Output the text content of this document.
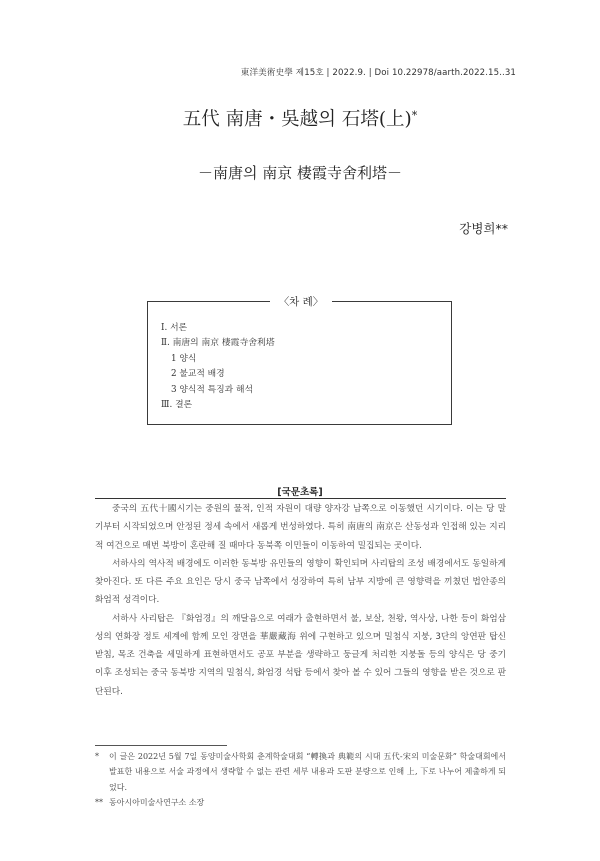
東洋美術史學 제15호 | 2022.9. | Doi 10.22978/aarth.2022.15..31
五代 南唐・吳越의 石塔(上)*
－南唐의 南京 棲霞寺舍利塔－
강병희**
〈차 례〉
Ⅰ. 서론
Ⅱ. 南唐의 南京 棲霞寺舍利塔
1 양식
2 불교적 배경
3 양식적 특징과 해석
Ⅲ. 결론
[국문초록]

중국의 五代十國시기는 중원의 물적, 인적 자원이 대량 양자강 남쪽으로 이동했던 시기이다. 이는 당 말기부터 시작되었으며 안정된 정세 속에서 새롭게 번성하였다. 특히 南唐의 南京은 산동성과 인접해 있는 지리적 여건으로 매번 북방이 혼란해 질 때마다 동북쪽 이민들이 이동하여 밀집되는 곳이다.

서하사의 역사적 배경에도 이러한 동북방 유민들의 영향이 확인되며 사리탑의 조성 배경에서도 동일하게 찾아진다. 또 다른 주요 요인은 당시 중국 남쪽에서 성장하여 특히 남부 지방에 큰 영향력을 끼쳤던 법안종의 화엄적 성격이다.

서하사 사리탑은 『화엄경』의 깨달음으로 여래가 출현하면서 불, 보살, 천왕, 역사상, 나한 등이 화엄삼성의 연화장 정토 세계에 함께 모인 장면을 華嚴藏海 위에 구현하고 있으며 밀첨식 지붕, 3단의 앙연판 탑신받침, 목조 건축을 세밀하게 표현하면서도 공포 부분을 생략하고 둥글게 처리한 지붕돌 등의 양식은 당 중기 이후 조성되는 중국 동북방 지역의 밀첨식, 화엄경 석탑 등에서 찾아 볼 수 있어 그들의 영향을 받은 것으로 판단된다.

* 이 글은 2022년 5월 7일 동양미술사학회 춘계학술대회 “轉換과 典範의 시대 五代-宋의 미술문화” 학술대회에서 발표한 내용으로 서술 과정에서 생략할 수 없는 관련 세부 내용과 도판 분량으로 인해 上, 下로 나누어 제출하게 되었다.
** 동아시아미술사연구소 소장
